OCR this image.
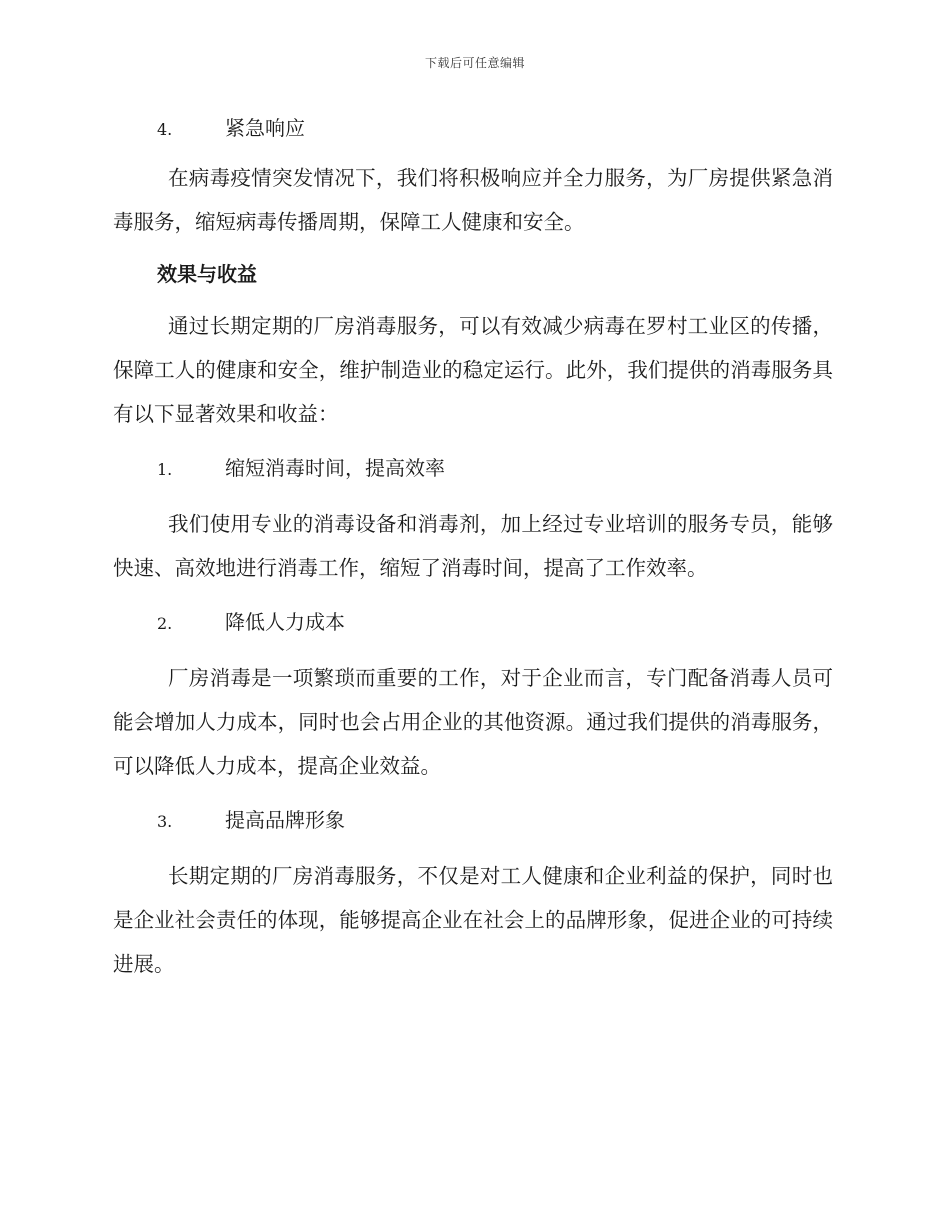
下载后可任意编辑
4.	紧急响应

在病毒疫情突发情况下，我们将积极响应并全力服务，为厂房提供紧急消毒服务，缩短病毒传播周期，保障工人健康和安全。

效果与收益

通过长期定期的厂房消毒服务，可以有效减少病毒在罗村工业区的传播，保障工人的健康和安全，维护制造业的稳定运行。此外，我们提供的消毒服务具有以下显著效果和收益：

1.	缩短消毒时间，提高效率

我们使用专业的消毒设备和消毒剂，加上经过专业培训的服务专员，能够快速、高效地进行消毒工作，缩短了消毒时间，提高了工作效率。

2.	降低人力成本

厂房消毒是一项繁琐而重要的工作，对于企业而言，专门配备消毒人员可能会增加人力成本，同时也会占用企业的其他资源。通过我们提供的消毒服务，可以降低人力成本，提高企业效益。

3.	提高品牌形象

长期定期的厂房消毒服务，不仅是对工人健康和企业利益的保护，同时也是企业社会责任的体现，能够提高企业在社会上的品牌形象，促进企业的可持续进展。
